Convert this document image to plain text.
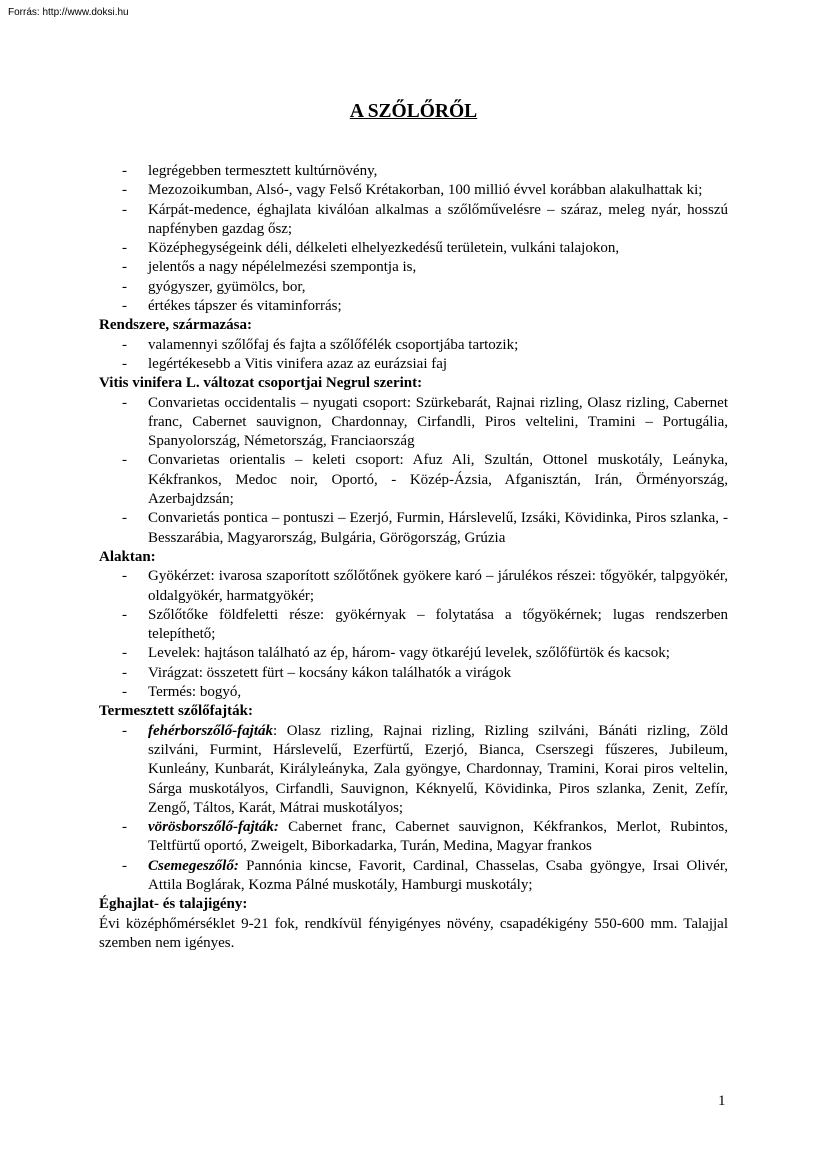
Forrás: http://www.doksi.hu
A SZŐLŐRŐL
- legrégebben termesztett kultúrnövény,
- Mezozoikumban, Alsó-, vagy Felső Krétakorban, 100 millió évvel korábban alakulhattak ki;
- Kárpát-medence, éghajlata kiválóan alkalmas a szőlőművelésre – száraz, meleg nyár, hosszú napfényben gazdag ősz;
- Középhegységeink déli, délkeleti elhelyezkedésű területein, vulkáni talajokon,
- jelentős a nagy népélelmezési szempontja is,
- gyógyszer, gyümölcs, bor,
- értékes tápszer és vitaminforrás;
Rendszere, származása:
- valamennyi szőlőfaj és fajta a szőlőfélék csoportjába tartozik;
- legértékesebb a Vitis vinifera azaz az eurázsiai faj
Vitis vinifera L. változat csoportjai Negrul szerint:
- Convarietas occidentalis – nyugati csoport: Szürkebarát, Rajnai rizling, Olasz rizling, Cabernet franc, Cabernet sauvignon, Chardonnay, Cirfandli, Piros veltelini, Tramini – Portugália, Spanyolország, Németország, Franciaország
- Convarietas orientalis – keleti csoport: Afuz Ali, Szultán, Ottonel muskotály, Leányka, Kékfrankos, Medoc noir, Oportó, - Közép-Ázsia, Afganisztán, Irán, Örményország, Azerbajdzsán;
- Convarietás pontica – pontuszi – Ezerjó, Furmin, Hárslevelű, Izsáki, Kövidinka, Piros szlanka, - Besszarábia, Magyarország, Bulgária, Görögország, Grúzia
Alaktan:
- Gyökérzet: ivarosa szaporított szőlőtőnek gyökere karó – járulékos részei: tőgyökér, talpgyökér, oldalgyökér, harmatgyökér;
- Szőlőtőke földfeletti része: gyökérnyak – folytatása a tőgyökérnek; lugas rendszerben telepíthető;
- Levelek: hajtáson található az ép, három- vagy ötkaréjú levelek, szőlőfürtök és kacsok;
- Virágzat: összetett fürt – kocsány kákon találhatók a virágok
- Termés: bogyó,
Termesztett szőlőfajták:
- fehérborszőlő-fajták: Olasz rizling, Rajnai rizling, Rizling szilváni, Bánáti rizling, Zöld szilváni, Furmint, Hárslevelű, Ezerfürtű, Ezerjó, Bianca, Cserszegi fűszeres, Jubileum, Kunleány, Kunbarát, Királyleányka, Zala gyöngye, Chardonnay, Tramini, Korai piros veltelin, Sárga muskotályos, Cirfandli, Sauvignon, Kéknyelű, Kövidinka, Piros szlanka, Zenit, Zefír, Zengő, Táltos, Karát, Mátrai muskotályos;
- vörösborszőlő-fajták: Cabernet franc, Cabernet sauvignon, Kékfrankos, Merlot, Rubintos, Teltfürtű oportó, Zweigelt, Biborkadarka, Turán, Medina, Magyar frankos
- Csemegeszőlő: Pannónia kincse, Favorit, Cardinal, Chasselas, Csaba gyöngye, Irsai Olivér, Attila Boglárak, Kozma Pálné muskotály, Hamburgi muskotály;
Éghajlat- és talajigény:
Évi középhőmérséklet 9-21 fok, rendkívül fényigényes növény, csapadékigény 550-600 mm. Talajjal szemben nem igényes.
1
